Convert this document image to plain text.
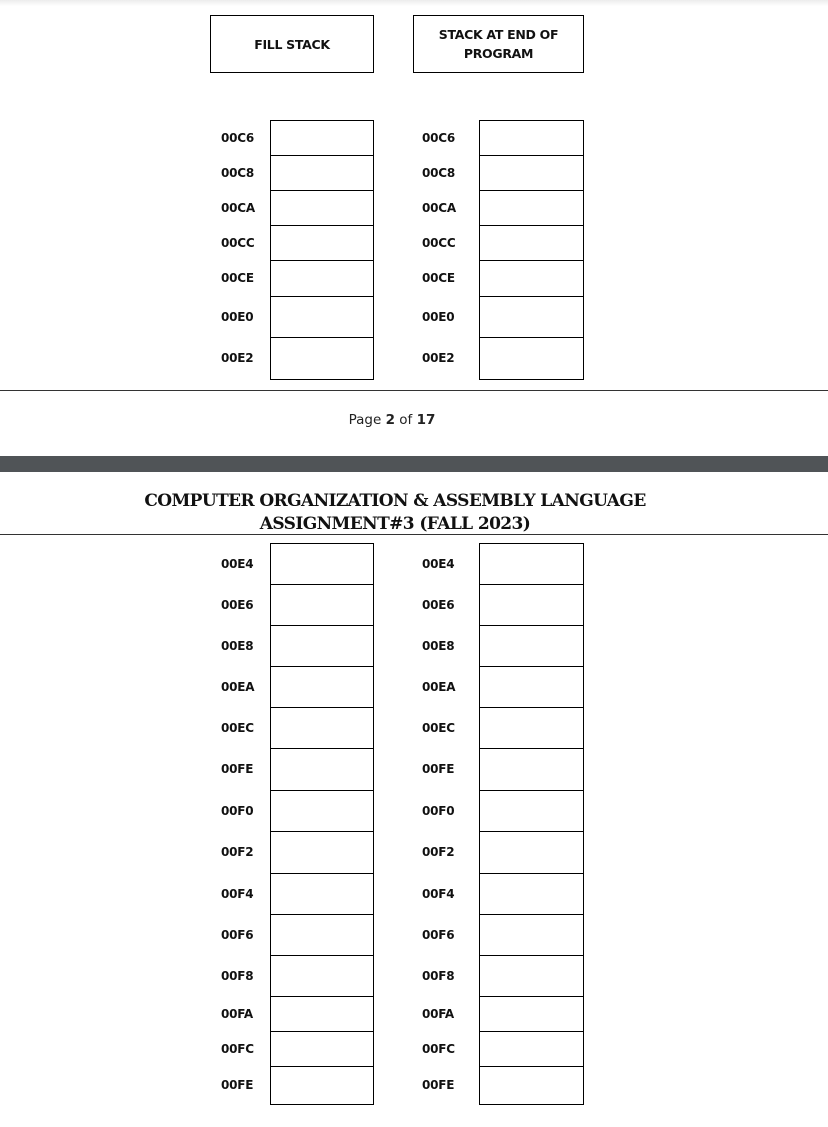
FILL STACK
STACK AT END OF PROGRAM
00C6	00C6
00C8	00C8
00CA	00CA
00CC	00CC
00CE	00CE
00E0	00E0
00E2	00E2
Page 2 of 17
COMPUTER ORGANIZATION & ASSEMBLY LANGUAGE
ASSIGNMENT#3 (FALL 2023)
00E4	00E4
00E6	00E6
00E8	00E8
00EA	00EA
00EC	00EC
00FE	00FE
00F0	00F0
00F2	00F2
00F4	00F4
00F6	00F6
00F8	00F8
00FA	00FA
00FC	00FC
00FE	00FE
